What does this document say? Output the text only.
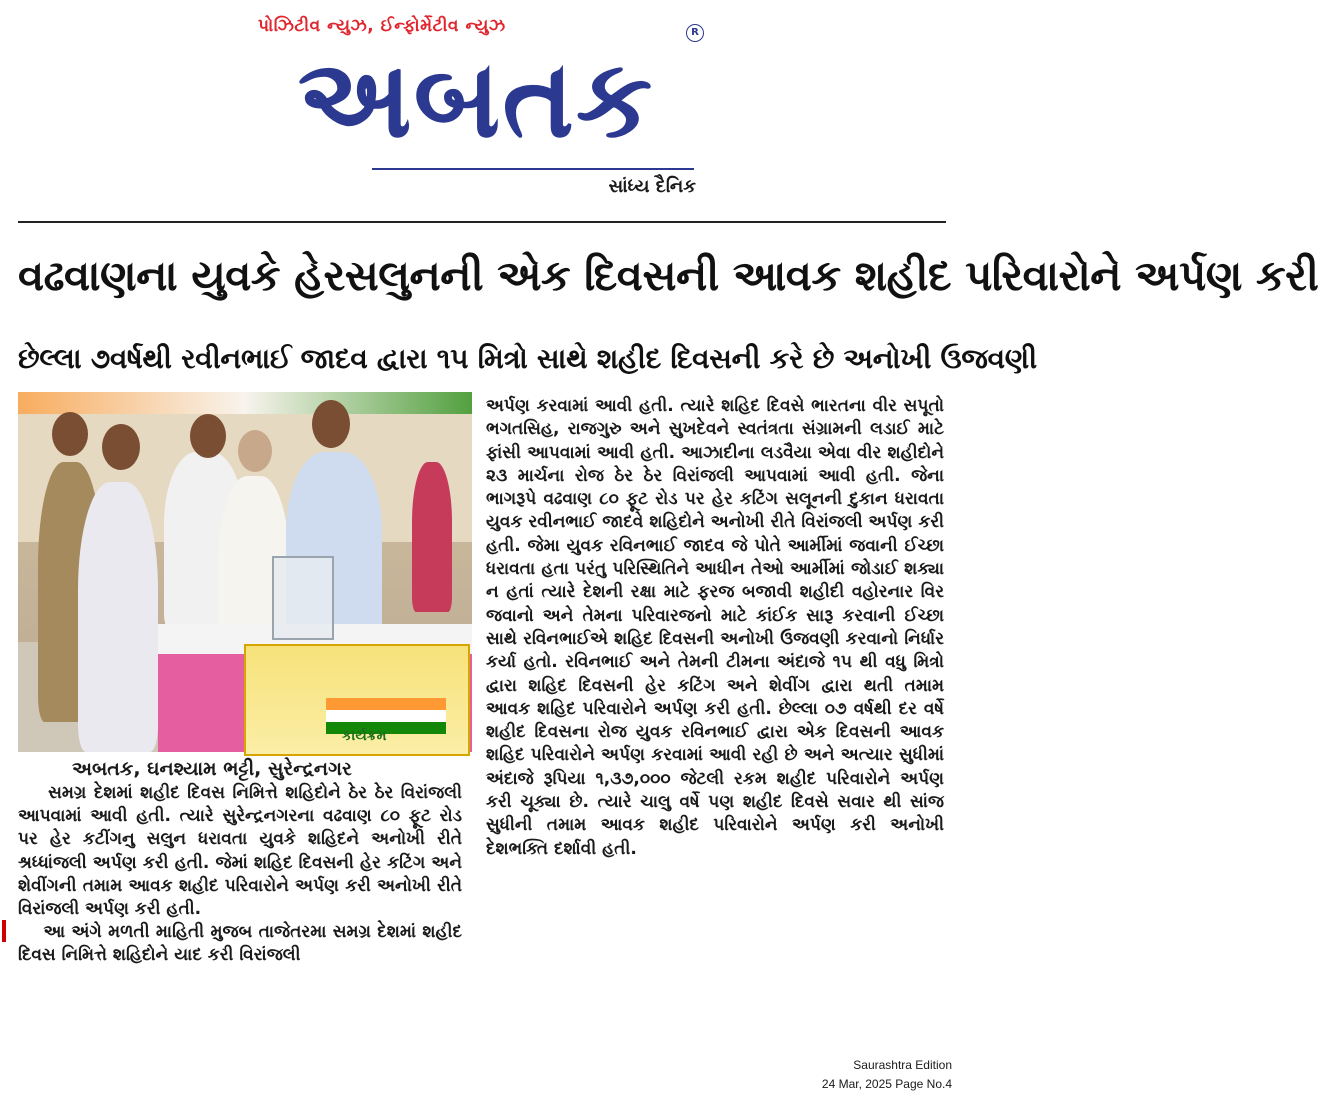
પોઝિટીવ ન્યુઝ, ઈન્ફોર્મેટીવ ન્યુઝ	R
અબતક
સાંધ્ય દૈનિક
વઢવાણના યુવકે હેરસલુનની એક દિવસની આવક શહીદ પરિવારોને અર્પણ કરી
છેલ્લા ૭વર્ષથી રવીનભાઈ જાદવ દ્વારા ૧૫ મિત્રો સાથે શહીદ દિવસની કરે છે અનોખી ઉજવણી
કાર્યક્રમ
અબતક, ઘનશ્યામ ભટ્ટી, સુરેન્દ્રનગર
સમગ્ર દેશમાં શહીદ દિવસ નિમિત્તે શહિદોને ઠેર ઠેર વિરાંજલી આપવામાં આવી હતી. ત્યારે સુરેન્દ્રનગરના વઢવાણ ૮૦ ફૂટ રોડ પર હેર કટીંગનુ સલુન ધરાવતા યુવકે શહિદને અનોખી રીતે શ્રધ્ધાંજલી અર્પણ કરી હતી. જેમાં શહિદ દિવસની હેર કટિંગ અને શેવીંગની તમામ આવક શહીદ પરિવારોને અર્પણ કરી અનોખી રીતે વિરાંજલી અર્પણ કરી હતી.
આ અંગે મળતી માહિતી મુજબ તાજેતરમા સમગ્ર દેશમાં શહીદ દિવસ નિમિત્તે શહિદોને યાદ કરી વિરાંજલી
અર્પણ કરવામાં આવી હતી. ત્યારે શહિદ દિવસે ભારતના વીર સપૂતો ભગતસિહ, રાજગુરુ અને સુખદેવને સ્વતંત્રતા સંગ્રામની લડાઈ માટે ફાંસી આપવામાં આવી હતી. આઝાદીના લડવૈયા એવા વીર શહીદોને ૨૩ માર્ચના રોજ ઠેર ઠેર વિરાંજલી આપવામાં આવી હતી. જેના ભાગરૂપે વઢવાણ ૮૦ ફૂટ રોડ પર હેર કટિંગ સલૂનની દુકાન ધરાવતા યુવક રવીનભાઈ જાદવે શહિદોને અનોખી રીતે વિરાંજલી અર્પણ કરી હતી. જેમા યુવક રવિનભાઈ જાદવ જે પોતે આર્મીમાં જવાની ઈચ્છા ધરાવતા હતા પરંતુ પરિસ્થિતિને આધીન તેઓ આર્મીમાં જોડાઈ શક્યા ન હતાં ત્યારે દેશની રક્ષા માટે ફરજ બજાવી શહીદી વહોરનાર વિર જવાનો અને તેમના પરિવારજનો માટે કાંઈક સારૂ કરવાની ઈચ્છા સાથે રવિનભાઈએ શહિદ દિવસની અનોખી ઉજવણી કરવાનો નિર્ધાર કર્યા હતો. રવિનભાઈ અને તેમની ટીમના અંદાજે ૧૫ થી વધુ મિત્રો દ્વારા શહિદ દિવસની હેર કટિંગ અને શેવીંગ દ્વારા થતી તમામ આવક શહિદ પરિવારોને અર્પણ કરી હતી. છેલ્લા ૦૭ વર્ષથી દર વર્ષે શહીદ દિવસના રોજ યુવક રવિનભાઈ દ્વારા એક દિવસની આવક શહિદ પરિવારોને અર્પણ કરવામાં આવી રહી છે અને અત્યાર સુધીમાં અંદાજે રૂપિયા ૧,૩૭,૦૦૦ જેટલી રકમ શહીદ પરિવારોને અર્પણ કરી ચૂક્યા છે. ત્યારે ચાલુ વર્ષે પણ શહીદ દિવસે સવાર થી સાંજ સુધીની તમામ આવક શહીદ પરિવારોને અર્પણ કરી અનોખી દેશભક્તિ દર્શાવી હતી.
Saurashtra Edition
24 Mar, 2025 Page No.4
